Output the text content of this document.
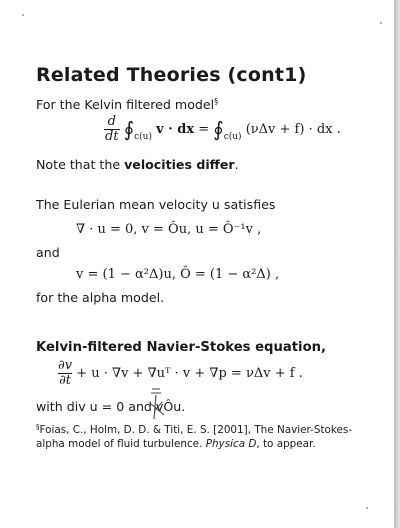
Related Theories (cont1)
For the Kelvin filtered model§
$\frac{d}{dt}$ $∮_{c(u)}$ v · dx = $∮_{c(u)}$ (νΔv + f) · dx .
Note that the velocities differ.
The Eulerian mean velocity u satisfies
∇ · u = 0, v = Ôu, u = Ô⁻¹v ,
and
v = (1 − α²Δ)u, Ô = (1 − α²Δ) ,
for the alpha model.
Kelvin-filtered Navier-Stokes equation,
$\frac{\partial v}{\partial t} + u \cdot \nabla v$ + ∇uᵀ · v + ∇p = νΔv + f .
with div u = 0 and v̸Ôu.
§Foias, C., Holm, D. D. & Titi, E. S. [2001], The Navier-Stokes-alpha model of fluid turbulence. Physica D, to appear.
